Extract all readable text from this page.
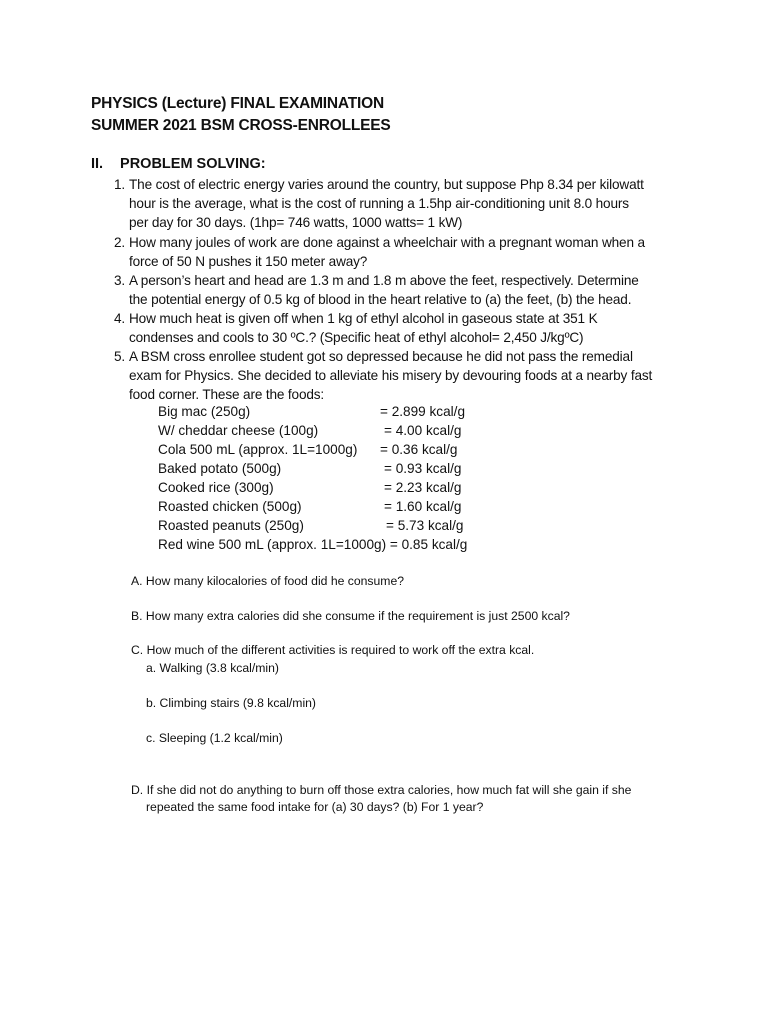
PHYSICS (Lecture) FINAL EXAMINATION
SUMMER 2021 BSM CROSS-ENROLLEES
II. PROBLEM SOLVING:
1. The cost of electric energy varies around the country, but suppose Php 8.34 per kilowatt
hour is the average, what is the cost of running a 1.5hp air-conditioning unit 8.0 hours
per day for 30 days. (1hp= 746 watts, 1000 watts= 1 kW)
2. How many joules of work are done against a wheelchair with a pregnant woman when a
force of 50 N pushes it 150 meter away?
3. A person’s heart and head are 1.3 m and 1.8 m above the feet, respectively. Determine
the potential energy of 0.5 kg of blood in the heart relative to (a) the feet, (b) the head.
4. How much heat is given off when 1 kg of ethyl alcohol in gaseous state at 351 K
condenses and cools to 30 ºC.? (Specific heat of ethyl alcohol= 2,450 J/kgºC)
5. A BSM cross enrollee student got so depressed because he did not pass the remedial
exam for Physics. She decided to alleviate his misery by devouring foods at a nearby fast
food corner. These are the foods:
Big mac (250g)	= 2.899 kcal/g
W/ cheddar cheese (100g)	= 4.00 kcal/g
Cola 500 mL (approx. 1L=1000g) = 0.36 kcal/g
Baked potato (500g)	= 0.93 kcal/g
Cooked rice (300g)	= 2.23 kcal/g
Roasted chicken (500g)	= 1.60 kcal/g
Roasted peanuts (250g)	= 5.73 kcal/g
Red wine 500 mL (approx. 1L=1000g) = 0.85 kcal/g
A. How many kilocalories of food did he consume?
B. How many extra calories did she consume if the requirement is just 2500 kcal?
C. How much of the different activities is required to work off the extra kcal.
a. Walking (3.8 kcal/min)
b. Climbing stairs (9.8 kcal/min)
c. Sleeping (1.2 kcal/min)
D. If she did not do anything to burn off those extra calories, how much fat will she gain if she
repeated the same food intake for (a) 30 days? (b) For 1 year?
